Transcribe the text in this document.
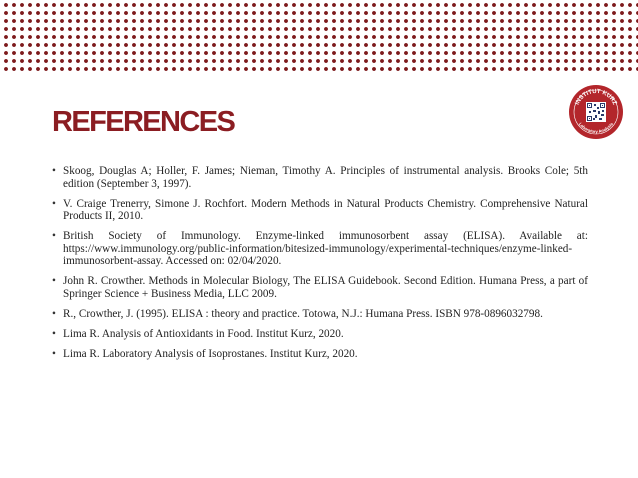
REFERENCES
INSTITUT KURZ
Laboratory Analysis
• Skoog, Douglas A; Holler, F. James; Nieman, Timothy A. Principles of instrumental analysis. Brooks Cole; 5th edition (September 3, 1997).
• V. Craige Trenerry, Simone J. Rochfort. Modern Methods in Natural Products Chemistry. Comprehensive Natural Products II, 2010.
• British Society of Immunology. Enzyme-linked immunosorbent assay (ELISA). Available at: https://www.immunology.org/public-information/bitesized-immunology/experimental-techniques/enzyme-linked-immunosorbent-assay. Accessed on: 02/04/2020.
• John R. Crowther. Methods in Molecular Biology, The ELISA Guidebook. Second Edition. Humana Press, a part of Springer Science + Business Media, LLC 2009.
• R., Crowther, J. (1995). ELISA : theory and practice. Totowa, N.J.: Humana Press. ISBN 978-0896032798.
• Lima R. Analysis of Antioxidants in Food. Institut Kurz, 2020.
• Lima R. Laboratory Analysis of Isoprostanes. Institut Kurz, 2020.
